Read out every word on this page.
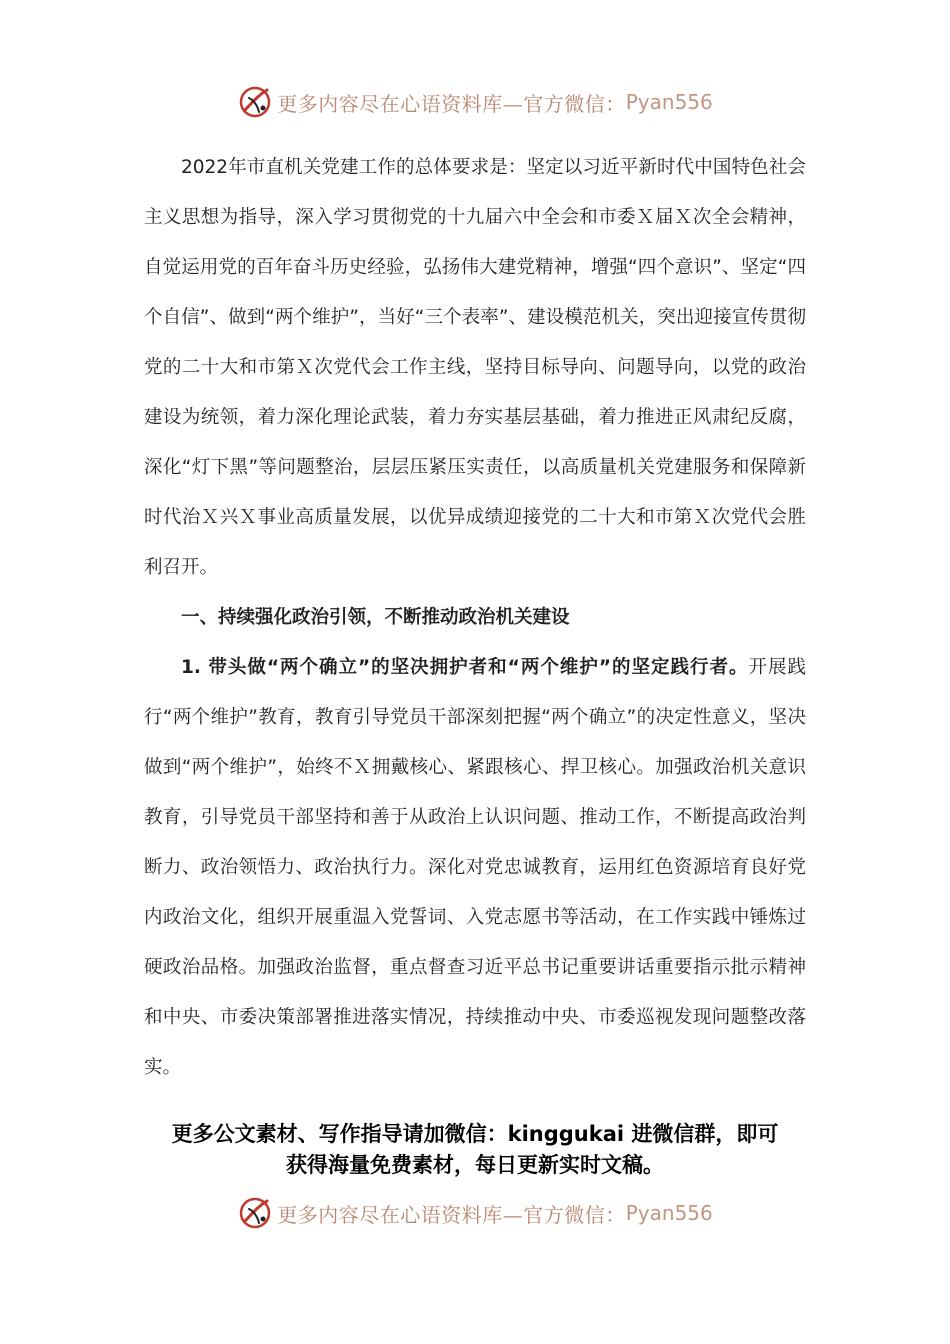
更多内容尽在心语资料库—官方微信： Pyan556

2022年市直机关党建工作的总体要求是：坚定以习近平新时代中国特色社会主义思想为指导，深入学习贯彻党的十九届六中全会和市委Ｘ届Ｘ次全会精神，自觉运用党的百年奋斗历史经验，弘扬伟大建党精神，增强“四个意识”、坚定“四个自信”、做到“两个维护”，当好“三个表率”、建设模范机关，突出迎接宣传贯彻党的二十大和市第Ｘ次党代会工作主线，坚持目标导向、问题导向，以党的政治建设为统领，着力深化理论武装，着力夯实基层基础，着力推进正风肃纪反腐，深化“灯下黑”等问题整治，层层压紧压实责任，以高质量机关党建服务和保障新时代治Ｘ兴Ｘ事业高质量发展，以优异成绩迎接党的二十大和市第Ｘ次党代会胜利召开。

一、持续强化政治引领，不断推动政治机关建设

1. 带头做“两个确立”的坚决拥护者和“两个维护”的坚定践行者。开展践行“两个维护”教育，教育引导党员干部深刻把握“两个确立”的决定性意义，坚决做到“两个维护”，始终不Ｘ拥戴核心、紧跟核心、捍卫核心。加强政治机关意识教育，引导党员干部坚持和善于从政治上认识问题、推动工作，不断提高政治判断力、政治领悟力、政治执行力。深化对党忠诚教育，运用红色资源培育良好党内政治文化，组织开展重温入党誓词、入党志愿书等活动，在工作实践中锤炼过硬政治品格。加强政治监督，重点督查习近平总书记重要讲话重要指示批示精神和中央、市委决策部署推进落实情况，持续推动中央、市委巡视发现问题整改落实。

更多公文素材、写作指导请加微信：kinggukai 进微信群，即可
获得海量免费素材，每日更新实时文稿。
更多内容尽在心语资料库—官方微信： Pyan556
